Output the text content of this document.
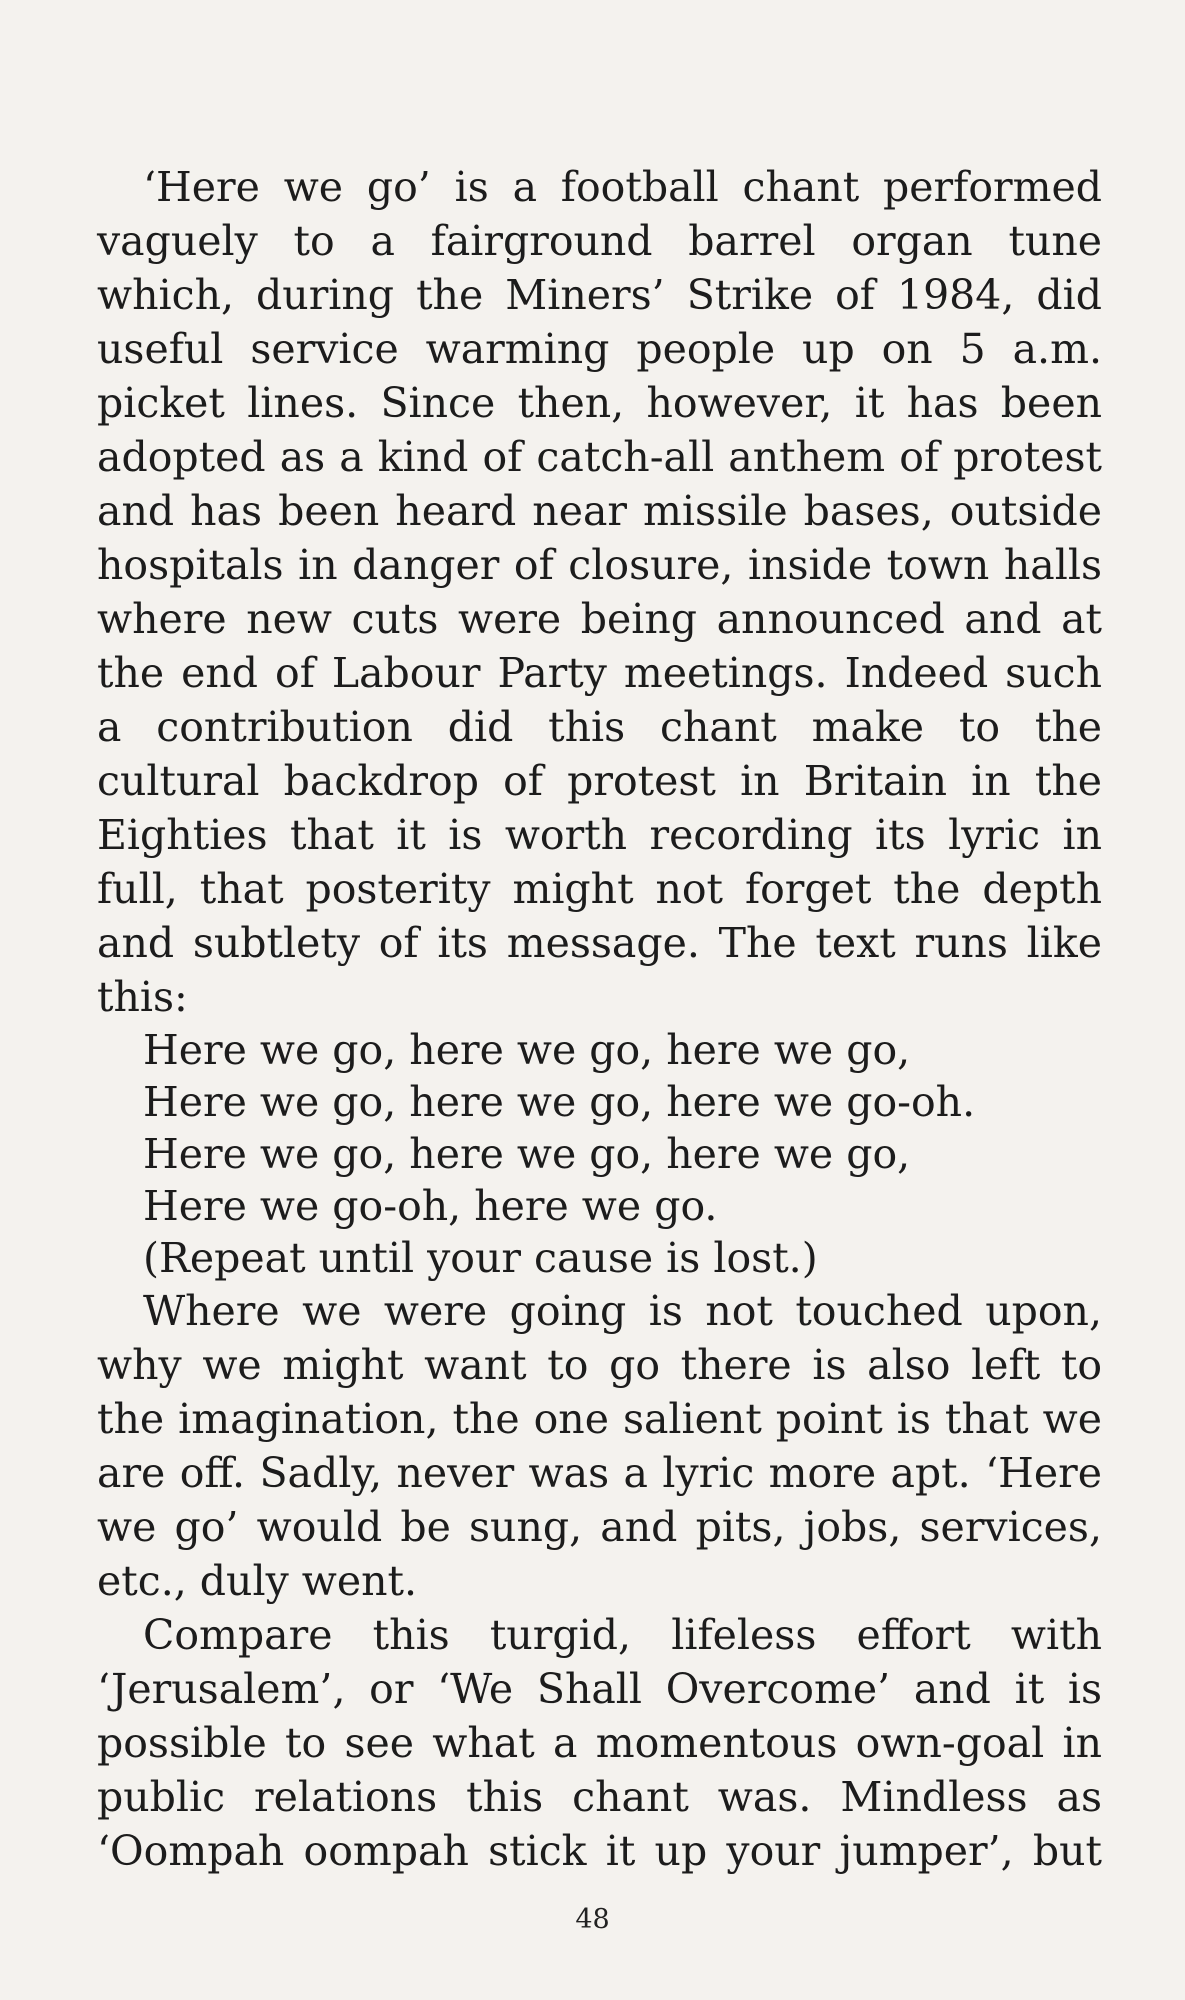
‘Here we go’ is a football chant performed vaguely to a fairground barrel organ tune which, during the Miners’ Strike of 1984, did useful service warming people up on 5 a.m. picket lines. Since then, however, it has been adopted as a kind of catch-all anthem of protest and has been heard near missile bases, outside hospitals in danger of closure, inside town halls where new cuts were being announced and at the end of Labour Party meetings. Indeed such a contribution did this chant make to the cultural backdrop of protest in Britain in the Eighties that it is worth recording its lyric in full, that posterity might not forget the depth and subtlety of its message. The text runs like this:

Here we go, here we go, here we go,
Here we go, here we go, here we go-oh.
Here we go, here we go, here we go,
Here we go-oh, here we go.
(Repeat until your cause is lost.)

Where we were going is not touched upon, why we might want to go there is also left to the imagination, the one salient point is that we are off. Sadly, never was a lyric more apt. ‘Here we go’ would be sung, and pits, jobs, services, etc., duly went.

Compare this turgid, lifeless effort with ‘Jerusalem’, or ‘We Shall Overcome’ and it is possible to see what a momentous own-goal in public relations this chant was. Mindless as ‘Oompah oompah stick it up your jumper’, but

48
